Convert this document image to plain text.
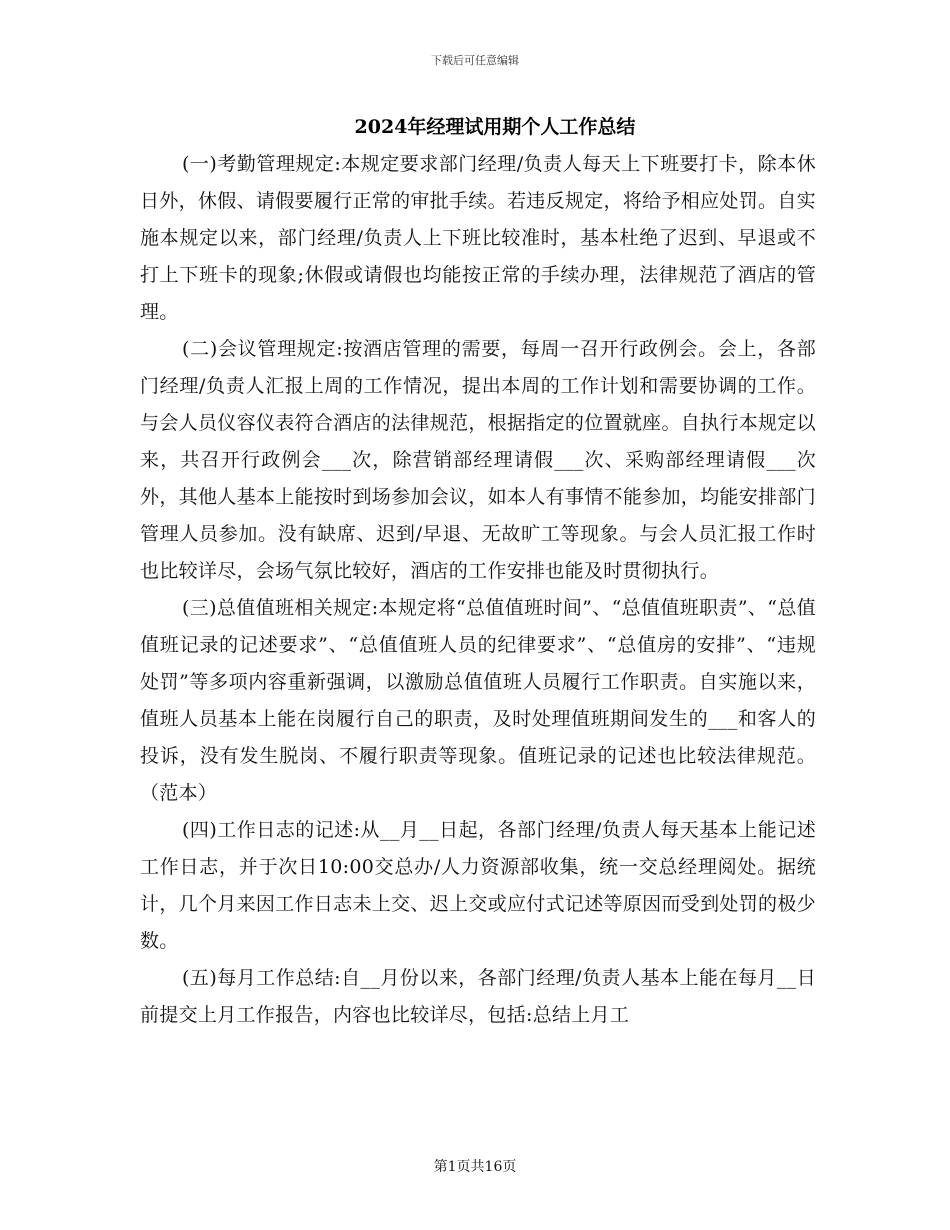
下载后可任意编辑
2024年经理试用期个人工作总结

(一)考勤管理规定:本规定要求部门经理/负责人每天上下班要打卡，除本休日外，休假、请假要履行正常的审批手续。若违反规定，将给予相应处罚。自实施本规定以来，部门经理/负责人上下班比较准时，基本杜绝了迟到、早退或不打上下班卡的现象;休假或请假也均能按正常的手续办理，法律规范了酒店的管理。

(二)会议管理规定:按酒店管理的需要，每周一召开行政例会。会上，各部门经理/负责人汇报上周的工作情况，提出本周的工作计划和需要协调的工作。与会人员仪容仪表符合酒店的法律规范，根据指定的位置就座。自执行本规定以来，共召开行政例会___次，除营销部经理请假___次、采购部经理请假___次外，其他人基本上能按时到场参加会议，如本人有事情不能参加，均能安排部门管理人员参加。没有缺席、迟到/早退、无故旷工等现象。与会人员汇报工作时也比较详尽，会场气氛比较好，酒店的工作安排也能及时贯彻执行。

(三)总值值班相关规定:本规定将“总值值班时间”、“总值值班职责”、“总值值班记录的记述要求”、“总值值班人员的纪律要求”、“总值房的安排”、“违规处罚”等多项内容重新强调，以激励总值值班人员履行工作职责。自实施以来，值班人员基本上能在岗履行自己的职责，及时处理值班期间发生的___和客人的投诉，没有发生脱岗、不履行职责等现象。值班记录的记述也比较法律规范。（范本）

(四)工作日志的记述:从__月__日起，各部门经理/负责人每天基本上能记述工作日志，并于次日10:00交总办/人力资源部收集，统一交总经理阅处。据统计，几个月来因工作日志未上交、迟上交或应付式记述等原因而受到处罚的极少数。

(五)每月工作总结:自__月份以来，各部门经理/负责人基本上能在每月__日前提交上月工作报告，内容也比较详尽，包括:总结上月工

第1页共16页
